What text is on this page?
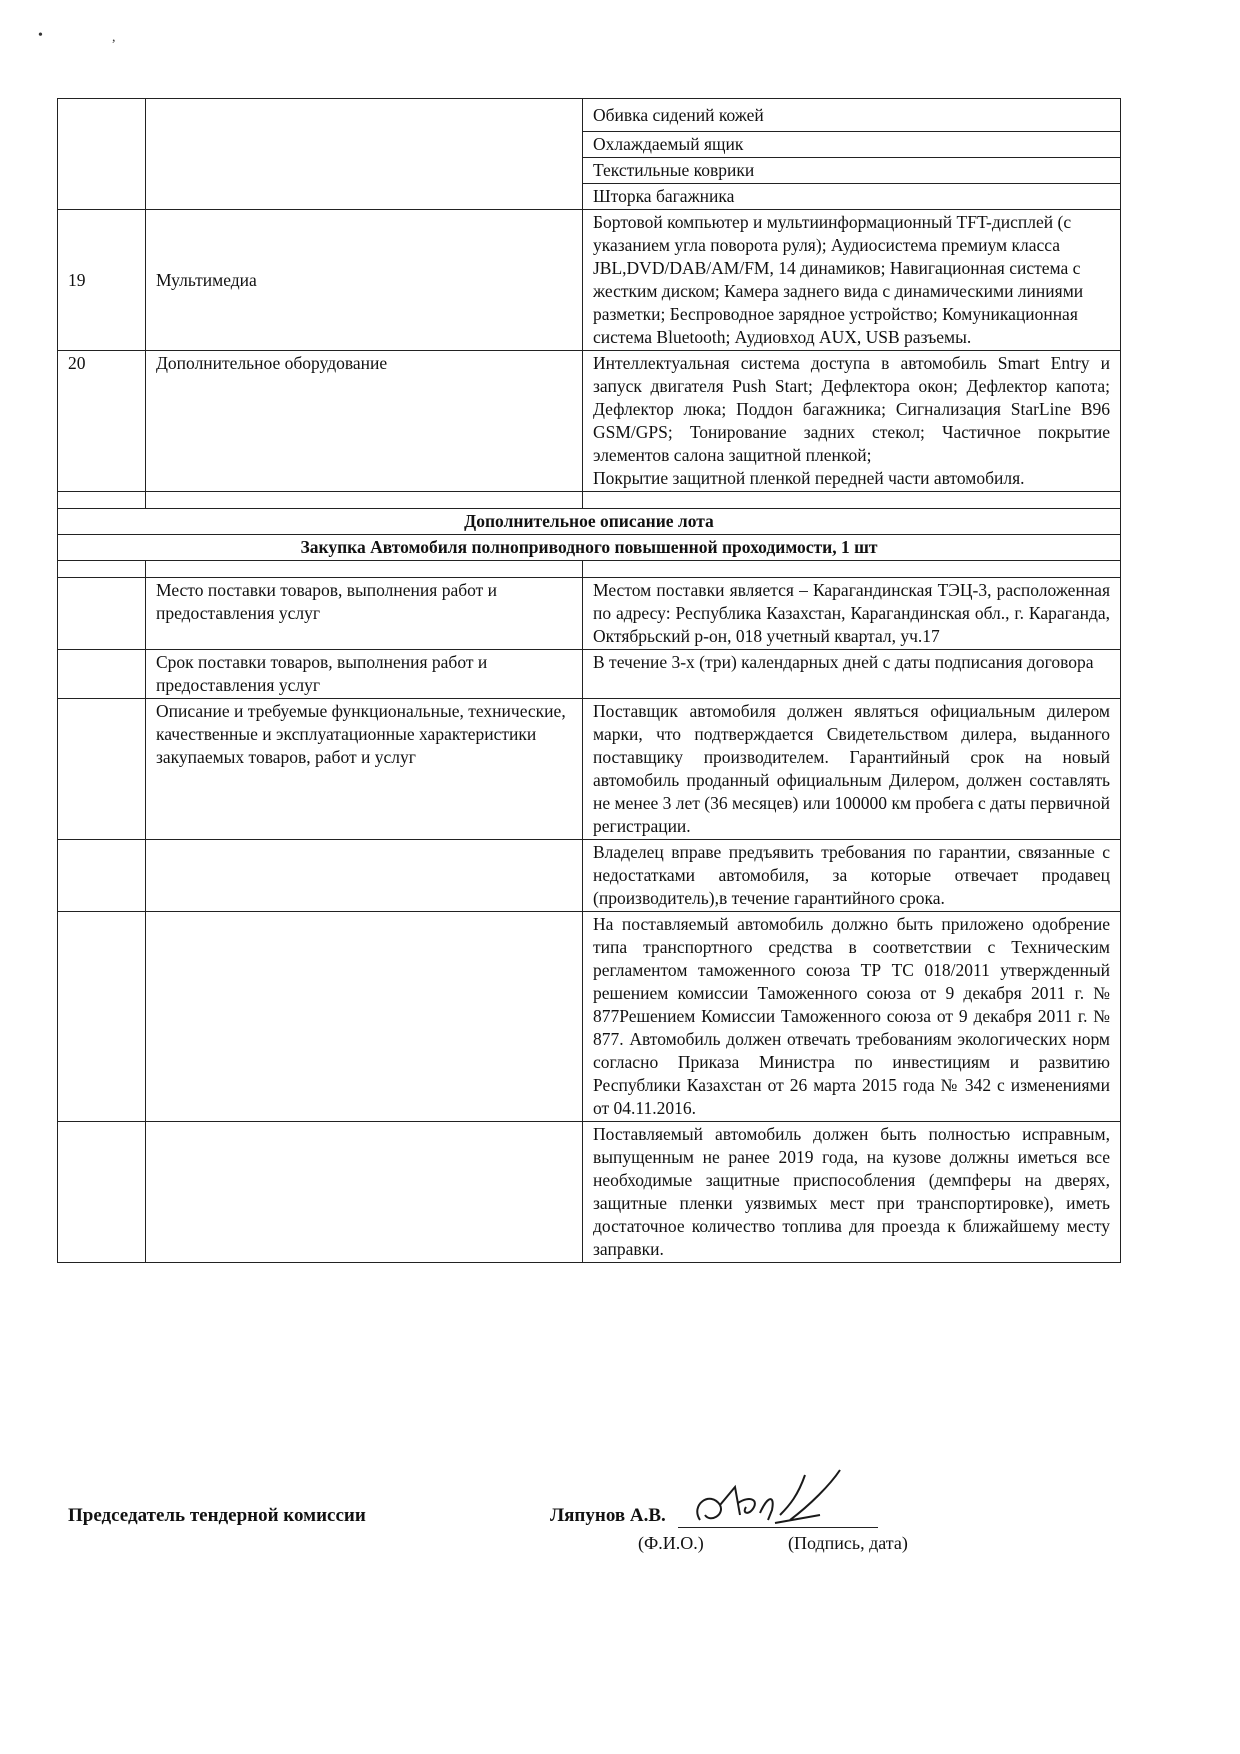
•	,
		Обивка сидений кожей
		Охлаждаемый ящик
		Текстильные коврики
		Шторка багажника
19	Мультимедиа	Бортовой компьютер и мультиинформационный TFT-дисплей (с указанием угла поворота руля); Аудиосистема премиум класса JBL,DVD/DAB/AM/FM, 14 динамиков; Навигационная система с жестким диском; Камера заднего вида с динамическими линиями разметки; Беспроводное зарядное устройство; Комуникационная система Bluetooth; Аудиовход AUX, USB разъемы.
20	Дополнительное оборудование	Интеллектуальная система доступа в автомобиль Smart Entry и запуск двигателя Push Start; Дефлектора окон; Дефлектор капота; Дефлектор люка; Поддон багажника; Сигнализация StarLine B96 GSM/GPS; Тонирование задних стекол; Частичное покрытие элементов салона защитной пленкой;
Покрытие защитной пленкой передней части автомобиля.

Дополнительное описание лота		
Закупка Автомобиля полноприводного повышенной проходимости, 1 шт		

	Место поставки товаров, выполнения работ и предоставления услуг	Местом поставки является – Карагандинская ТЭЦ-3, расположенная по адресу: Республика Казахстан, Карагандинская обл., г. Караганда, Октябрьский р-он, 018 учетный квартал, уч.17
	Срок поставки товаров, выполнения работ и предоставления услуг	В течение 3-х (три) календарных дней с даты подписания договора
	Описание и требуемые функциональные, технические, качественные и эксплуатационные характеристики закупаемых товаров, работ и услуг	Поставщик автомобиля должен являться официальным дилером марки, что подтверждается Свидетельством дилера, выданного поставщику производителем. Гарантийный срок на новый автомобиль проданный официальным Дилером, должен составлять не менее 3 лет (36 месяцев) или 100000 км пробега с даты первичной регистрации.
		Владелец вправе предъявить требования по гарантии, связанные с недостатками автомобиля, за которые отвечает продавец (производитель),в течение гарантийного срока.
		На поставляемый автомобиль должно быть приложено одобрение типа транспортного средства в соответствии с Техническим регламентом таможенного союза ТР ТС 018/2011 утвержденный решением комиссии Таможенного союза от 9 декабря 2011 г. № 877Решением Комиссии Таможенного союза от 9 декабря 2011 г. № 877. Автомобиль должен отвечать требованиям экологических норм согласно Приказа Министра по инвестициям и развитию Республики Казахстан от 26 марта 2015 года № 342 с изменениями от 04.11.2016.
		Поставляемый автомобиль должен быть полностью исправным, выпущенным не ранее 2019 года, на кузове должны иметься все необходимые защитные приспособления (демпферы на дверях, защитные пленки уязвимых мест при транспортировке), иметь достаточное количество топлива для проезда к ближайшему месту заправки.
Председатель тендерной комиссии	Ляпунов А.В.
(Ф.И.О.)	(Подпись, дата)
